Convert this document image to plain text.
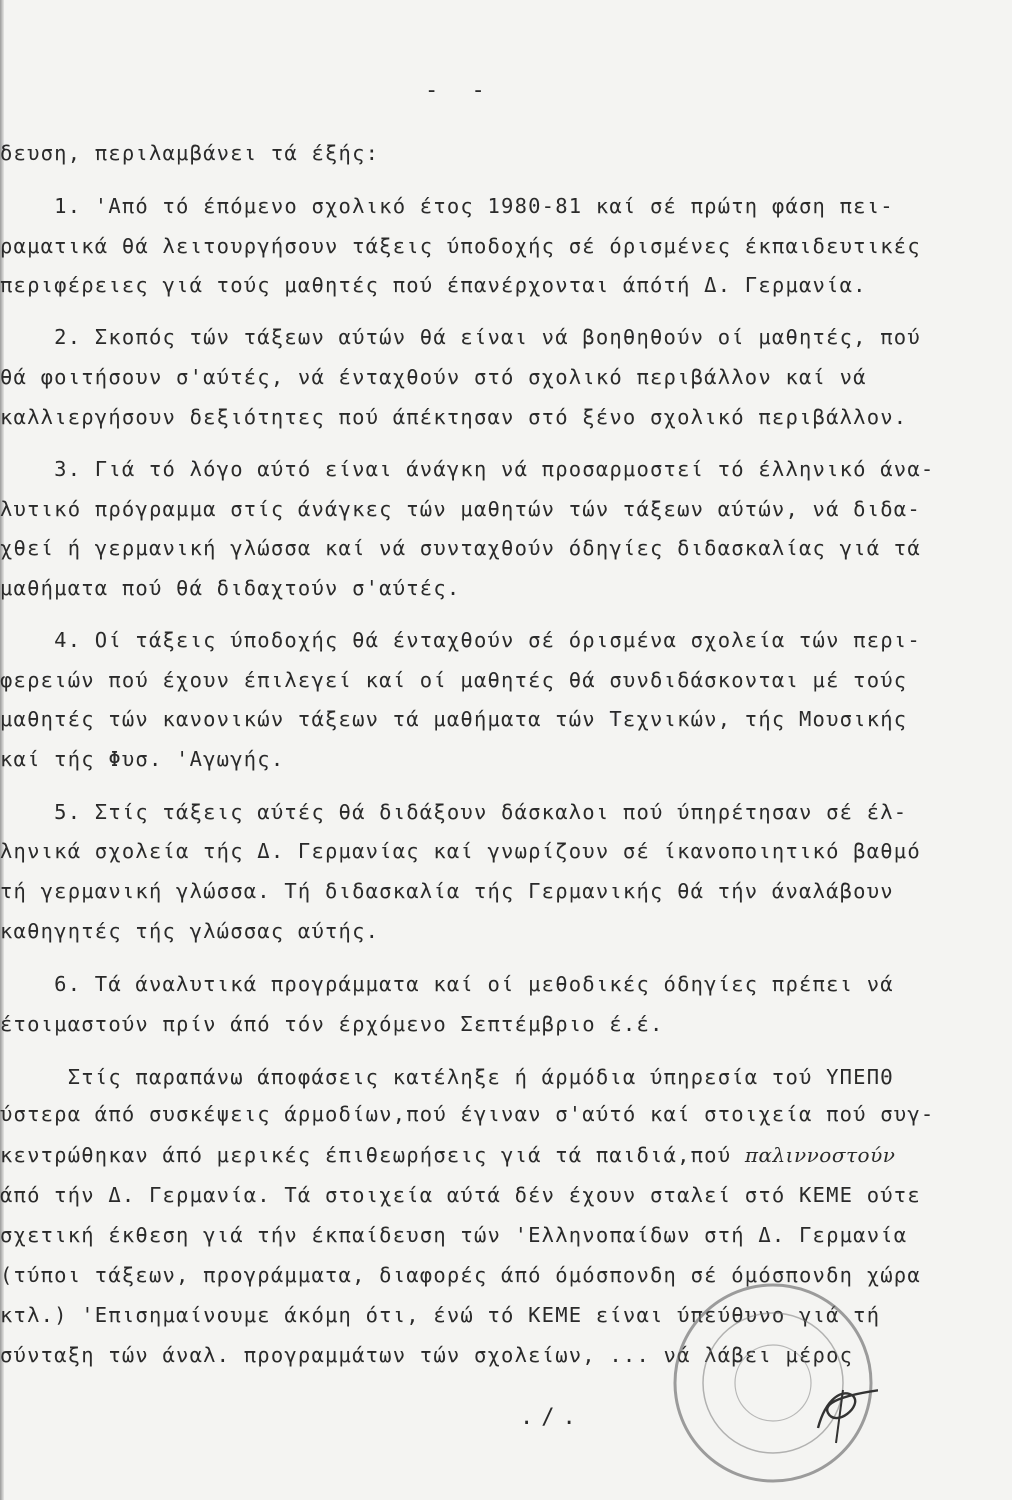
- -
δευση, περιλαμβάνει τά έξής:
1. 'Από τό έπόμενο σχολικό έτος 1980-81 καί σέ πρώτη φάση πει-
ραματικά θά λειτουργήσουν τάξεις ύποδοχής σέ όρισμένες έκπαιδευτικές
περιφέρειες γιά τούς μαθητές πού έπανέρχονται άπότή Δ. Γερμανία.
2. Σκοπός τών τάξεων αύτών θά είναι νά βοηθηθούν οί μαθητές, πού
θά φοιτήσουν σ'αύτές, νά ένταχθούν στό σχολικό περιβάλλον καί νά
καλλιεργήσουν δεξιότητες πού άπέκτησαν στό ξένο σχολικό περιβάλλον.
3. Γιά τό λόγο αύτό είναι άνάγκη νά προσαρμοστεί τό έλληνικό άνα-
λυτικό πρόγραμμα στίς άνάγκες τών μαθητών τών τάξεων αύτών, νά διδα-
χθεί ή γερμανική γλώσσα καί νά συνταχθούν όδηγίες διδασκαλίας γιά τά
μαθήματα πού θά διδαχτούν σ'αύτές.
4. Οί τάξεις ύποδοχής θά ένταχθούν σέ όρισμένα σχολεία τών περι-
φερειών πού έχουν έπιλεγεί καί οί μαθητές θά συνδιδάσκονται μέ τούς
μαθητές τών κανονικών τάξεων τά μαθήματα τών Τεχνικών, τής Μουσικής
καί τής Φυσ. 'Αγωγής.
5. Στίς τάξεις αύτές θά διδάξουν δάσκαλοι πού ύπηρέτησαν σέ έλ-
ληνικά σχολεία τής Δ. Γερμανίας καί γνωρίζουν σέ ίκανοποιητικό βαθμό
τή γερμανική γλώσσα. Τή διδασκαλία τής Γερμανικής θά τήν άναλάβουν
καθηγητές τής γλώσσας αύτής.
6. Τά άναλυτικά προγράμματα καί οί μεθοδικές όδηγίες πρέπει νά
έτοιμαστούν πρίν άπό τόν έρχόμενο Σεπτέμβριο έ.έ.
Στίς παραπάνω άποφάσεις κατέληξε ή άρμόδια ύπηρεσία τού ΥΠΕΠΘ
ύστερα άπό συσκέψεις άρμοδίων,πού έγιναν σ'αύτό καί στοιχεία πού συγ-
κεντρώθηκαν άπό μερικές έπιθεωρήσεις γιά τά παιδιά,πού παλιννοστούν
άπό τήν Δ. Γερμανία. Τά στοιχεία αύτά δέν έχουν σταλεί στό ΚΕΜΕ ούτε
σχετική έκθεση γιά τήν έκπαίδευση τών 'Ελληνοπαίδων στή Δ. Γερμανία
(τύποι τάξεων, προγράμματα, διαφορές άπό όμόσπονδη σέ όμόσπονδη χώρα
κτλ.) 'Επισημαίνουμε άκόμη ότι, ένώ τό ΚΕΜΕ είναι ύπεύθυνο γιά τή
σύνταξη τών άναλ. προγραμμάτων τών σχολείων, ... νά λάβει μέρος
./.
